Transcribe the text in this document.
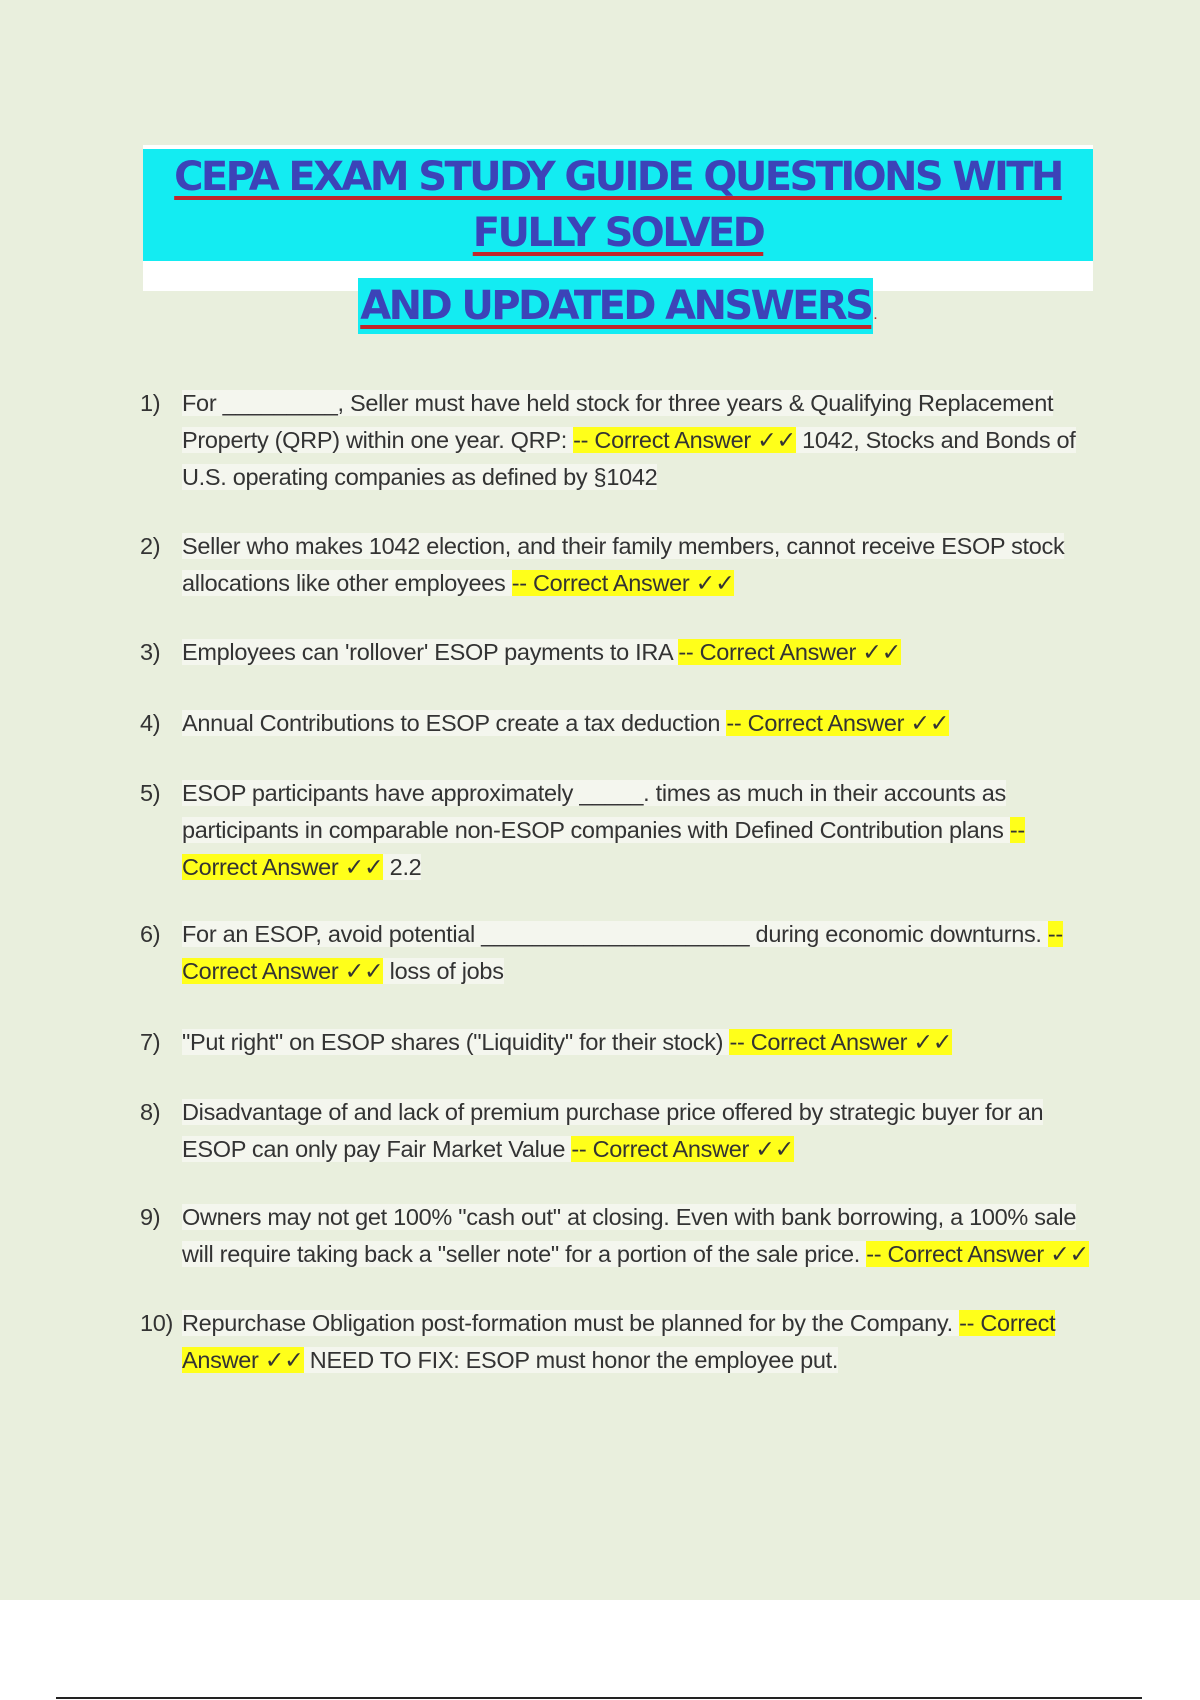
CEPA EXAM STUDY GUIDE QUESTIONS WITH FULLY SOLVED
AND UPDATED ANSWERS .
1) For _________, Seller must have held stock for three years & Qualifying Replacement Property (QRP) within one year. QRP: -- Correct Answer ✓✓ 1042, Stocks and Bonds of U.S. operating companies as defined by §1042
2) Seller who makes 1042 election, and their family members, cannot receive ESOP stock allocations like other employees -- Correct Answer ✓✓
3) Employees can 'rollover' ESOP payments to IRA -- Correct Answer ✓✓
4) Annual Contributions to ESOP create a tax deduction -- Correct Answer ✓✓
5) ESOP participants have approximately _____. times as much in their accounts as participants in comparable non-ESOP companies with Defined Contribution plans -- Correct Answer ✓✓ 2.2
6) For an ESOP, avoid potential _____________________ during economic downturns. -- Correct Answer ✓✓ loss of jobs
7) "Put right" on ESOP shares ("Liquidity" for their stock) -- Correct Answer ✓✓
8) Disadvantage of and lack of premium purchase price offered by strategic buyer for an ESOP can only pay Fair Market Value -- Correct Answer ✓✓
9) Owners may not get 100% "cash out" at closing. Even with bank borrowing, a 100% sale will require taking back a "seller note" for a portion of the sale price. -- Correct Answer ✓✓
10) Repurchase Obligation post-formation must be planned for by the Company. -- Correct Answer ✓✓ NEED TO FIX: ESOP must honor the employee put.
